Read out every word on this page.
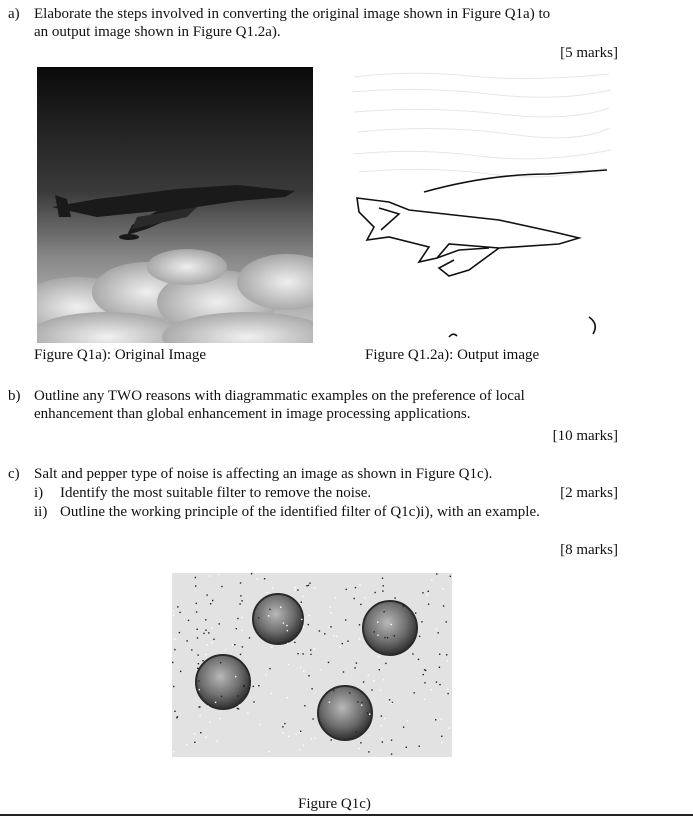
a) Elaborate the steps involved in converting the original image shown in Figure Q1a) to
an output image shown in Figure Q1.2a).
[5 marks]
Figure Q1a): Original Image	Figure Q1.2a): Output image
b) Outline any TWO reasons with diagrammatic examples on the preference of local
enhancement than global enhancement in image processing applications.
[10 marks]
c) Salt and pepper type of noise is affecting an image as shown in Figure Q1c).
i) Identify the most suitable filter to remove the noise.	[2 marks]
ii) Outline the working principle of the identified filter of Q1c)i), with an example.
[8 marks]
Figure Q1c)
